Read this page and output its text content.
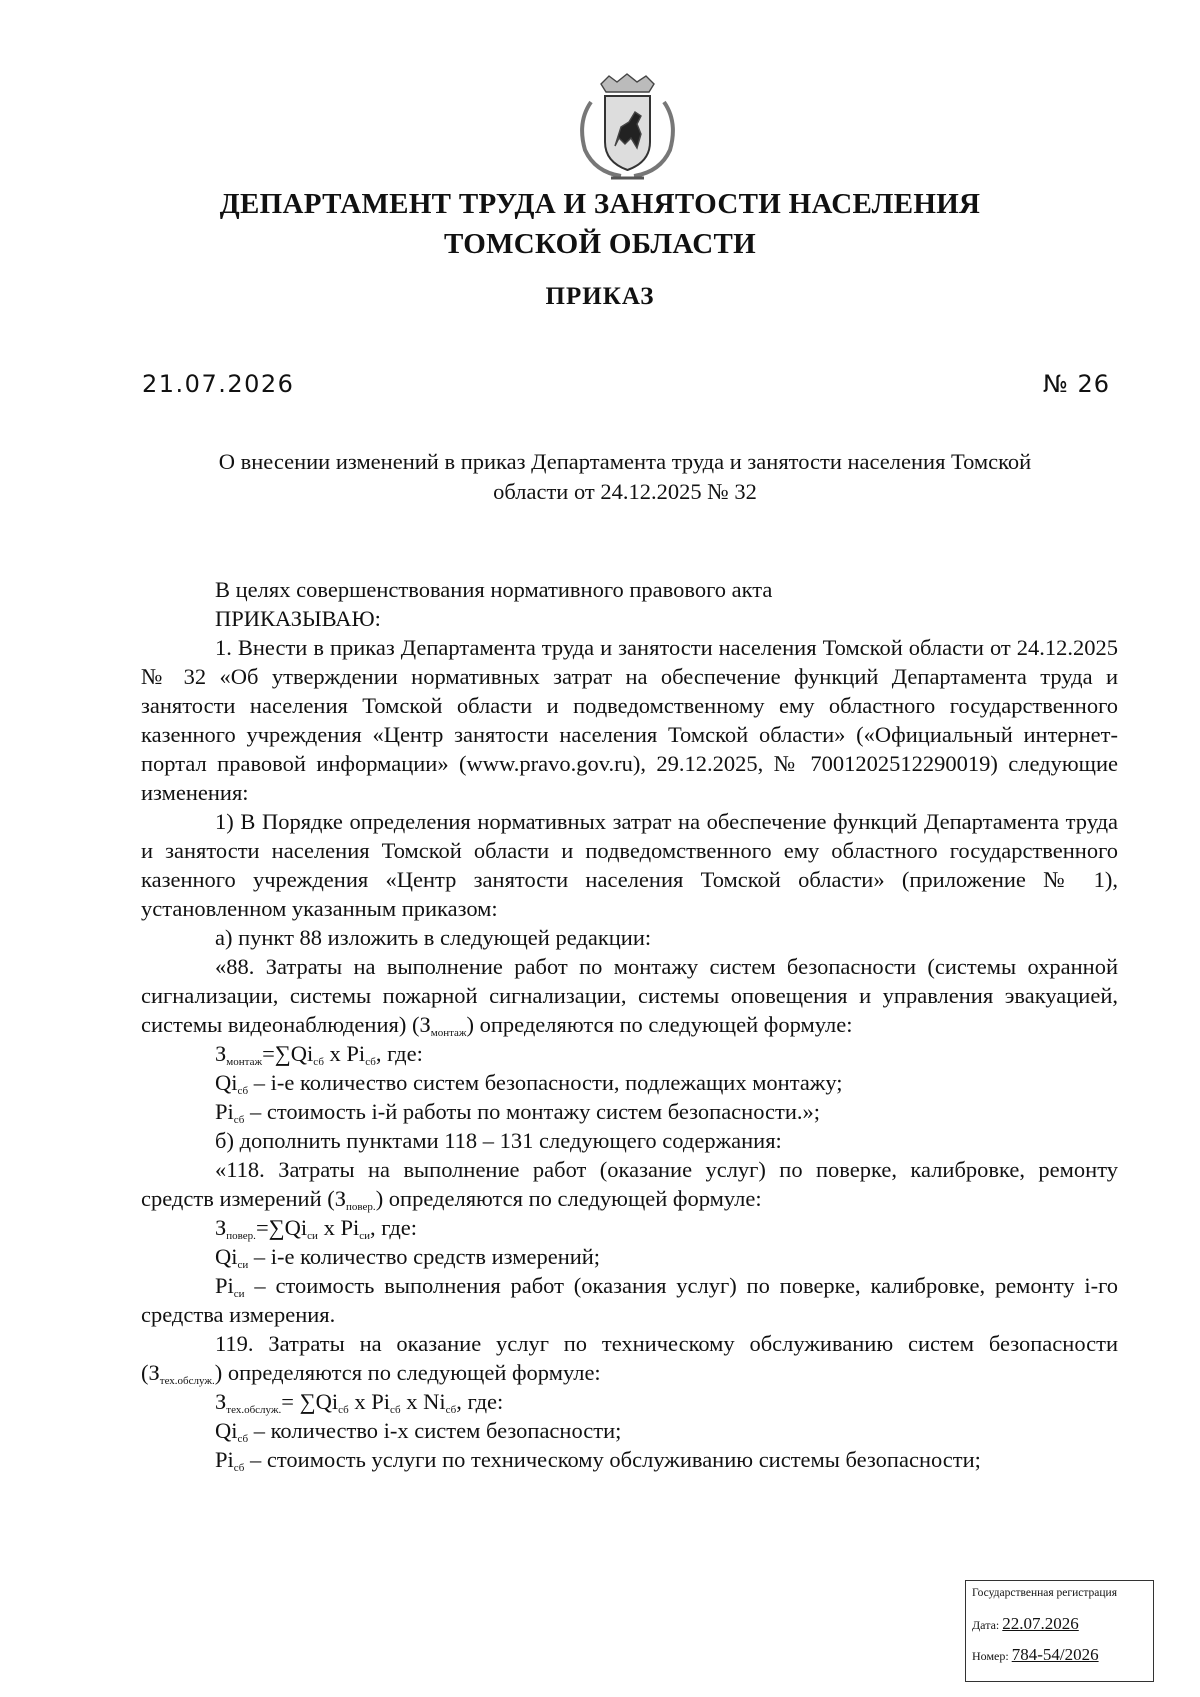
ДЕПАРТАМЕНТ ТРУДА И ЗАНЯТОСТИ НАСЕЛЕНИЯ
ТОМСКОЙ ОБЛАСТИ
ПРИКАЗ
21.07.2026	№ 26
О внесении изменений в приказ Департамента труда и занятости населения Томской
области от 24.12.2025 № 32

В целях совершенствования нормативного правового акта

ПРИКАЗЫВАЮ:

1. Внести в приказ Департамента труда и занятости населения Томской области от 24.12.2025 № 32 «Об утверждении нормативных затрат на обеспечение функций Департамента труда и занятости населения Томской области и подведомственному ему областного государственного казенного учреждения «Центр занятости населения Томской области» («Официальный интернет-портал правовой информации» (www.pravo.gov.ru), 29.12.2025, № 7001202512290019) следующие изменения:

1) В Порядке определения нормативных затрат на обеспечение функций Департамента труда и занятости населения Томской области и подведомственного ему областного государственного казенного учреждения «Центр занятости населения Томской области» (приложение № 1), установленном указанным приказом:

а) пункт 88 изложить в следующей редакции:

«88. Затраты на выполнение работ по монтажу систем безопасности (системы охранной сигнализации, системы пожарной сигнализации, системы оповещения и управления эвакуацией, системы видеонаблюдения) $(З_{монтаж})$ определяются по следующей формуле:

$З_{монтаж}=\sum Qi_{сб}$ x $Pi_{сб}$, где:

$Qi_{сб} - i-е$ количество систем безопасности, подлежащих монтажу;

$Pi_{сб}$ – стоимость i-й работы по монтажу систем безопасности.»;

б) дополнить пунктами 118 – 131 следующего содержания:

«118. Затраты на выполнение работ (оказание услуг) по поверке, калибровке, ремонту средств измерений $(З_{повер.})$ определяются по следующей формуле:

$З_{повер.}=\sum Qi_{си}$ x $Pi_{си}$, где:

$Qi_{си} - i-е$ количество средств измерений;

$Pi_{си}$ – стоимость выполнения работ (оказания услуг) по поверке, калибровке, ремонту i-го средства измерения.

119. Затраты на оказание услуг по техническому обслуживанию систем безопасности $(З_{тех.обслуж.})$ определяются по следующей формуле:

$З_{тех.обслуж.}= \sum Qi_{сб}$ x $Pi_{сб}$ x $Ni_{сб}$, где:

$Qi_{сб}$ – количество i-х систем безопасности;

$Pi_{сб}$ – стоимость услуги по техническому обслуживанию системы безопасности;

Государственная регистрация
Дата: 22.07.2026
Номер: 784-54/2026
